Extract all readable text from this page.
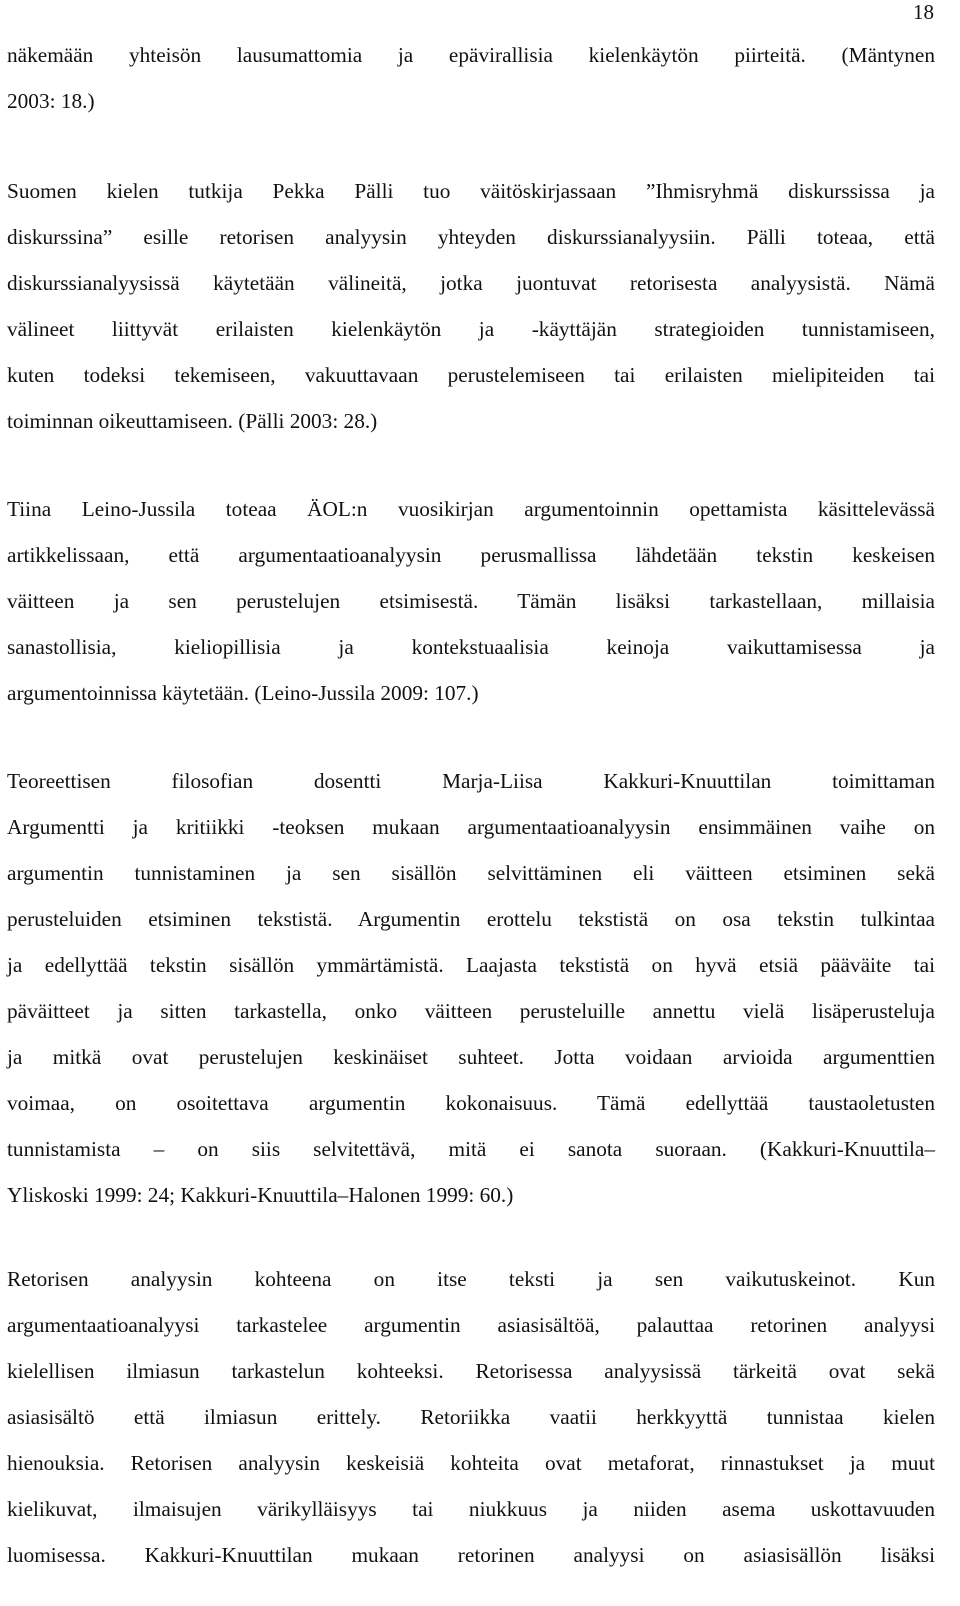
18
näkemään yhteisön lausumattomia ja epävirallisia kielenkäytön piirteitä. (Mäntynen
2003: 18.)
Suomen kielen tutkija Pekka Pälli tuo väitöskirjassaan ”Ihmisryhmä diskurssissa ja
diskurssina” esille retorisen analyysin yhteyden diskurssianalyysiin. Pälli toteaa, että
diskurssianalyysissä käytetään välineitä, jotka juontuvat retorisesta analyysistä. Nämä
välineet liittyvät erilaisten kielenkäytön ja -käyttäjän strategioiden tunnistamiseen,
kuten todeksi tekemiseen, vakuuttavaan perustelemiseen tai erilaisten mielipiteiden tai
toiminnan oikeuttamiseen. (Pälli 2003: 28.)
Tiina Leino-Jussila toteaa ÄOL:n vuosikirjan argumentoinnin opettamista käsittelevässä
artikkelissaan, että argumentaatioanalyysin perusmallissa lähdetään tekstin keskeisen
väitteen ja sen perustelujen etsimisestä. Tämän lisäksi tarkastellaan, millaisia
sanastollisia, kieliopillisia ja kontekstuaalisia keinoja vaikuttamisessa ja
argumentoinnissa käytetään. (Leino-Jussila 2009: 107.)
Teoreettisen filosofian dosentti Marja-Liisa Kakkuri-Knuuttilan toimittaman
Argumentti ja kritiikki -teoksen mukaan argumentaatioanalyysin ensimmäinen vaihe on
argumentin tunnistaminen ja sen sisällön selvittäminen eli väitteen etsiminen sekä
perusteluiden etsiminen tekstistä. Argumentin erottelu tekstistä on osa tekstin tulkintaa
ja edellyttää tekstin sisällön ymmärtämistä. Laajasta tekstistä on hyvä etsiä pääväite tai
päväitteet ja sitten tarkastella, onko väitteen perusteluille annettu vielä lisäperusteluja
ja mitkä ovat perustelujen keskinäiset suhteet. Jotta voidaan arvioida argumenttien
voimaa, on osoitettava argumentin kokonaisuus. Tämä edellyttää taustaoletusten
tunnistamista – on siis selvitettävä, mitä ei sanota suoraan. (Kakkuri-Knuuttila–
Yliskoski 1999: 24; Kakkuri-Knuuttila–Halonen 1999: 60.)
Retorisen analyysin kohteena on itse teksti ja sen vaikutuskeinot. Kun
argumentaatioanalyysi tarkastelee argumentin asiasisältöä, palauttaa retorinen analyysi
kielellisen ilmiasun tarkastelun kohteeksi. Retorisessa analyysissä tärkeitä ovat sekä
asiasisältö että ilmiasun erittely. Retoriikka vaatii herkkyyttä tunnistaa kielen
hienouksia. Retorisen analyysin keskeisiä kohteita ovat metaforat, rinnastukset ja muut
kielikuvat, ilmaisujen värikylläisyys tai niukkuus ja niiden asema uskottavuuden
luomisessa. Kakkuri-Knuuttilan mukaan retorinen analyysi on asiasisällön lisäksi
